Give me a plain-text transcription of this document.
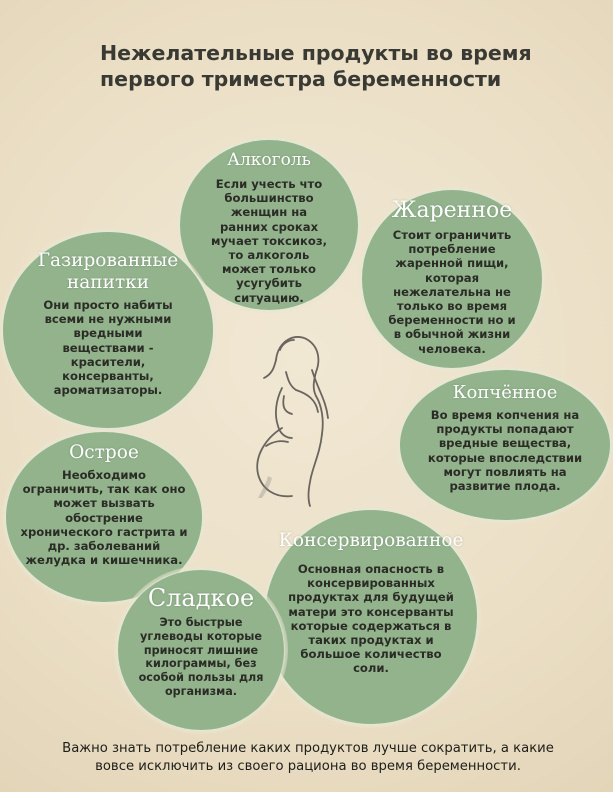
Нежелательные продукты во время
первого триместра беременности
Алкоголь
Если учесть что большинство женщин на ранних сроках мучает токсикоз, то алкоголь может только усугубить ситуацию.
Жаренное
Стоит ограничить потребление жаренной пищи, которая нежелательна не только во время беременности но и в обычной жизни человека.
Газированные
напитки
Они просто набиты всеми не нужными вредными веществами - красители, консерванты, ароматизаторы.	Копчённое
Во время копчения на продукты попадают вредные вещества, которые впоследствии могут повлиять на развитие плода.
Острое
Необходимо ограничить, так как оно может вызвать обострение хронического гастрита и др. заболеваний желудка и кишечника.
Консервированное
Основная опасность в консервированных продуктах для будущей матери это консерванты которые содержаться в таких продуктах и большое количество соли.
Сладкое
Это быстрые углеводы которые приносят лишние килограммы, без особой пользы для организма.
Важно знать потребление каких продуктов лучше сократить, а какие
вовсе исключить из своего рациона во время беременности.
